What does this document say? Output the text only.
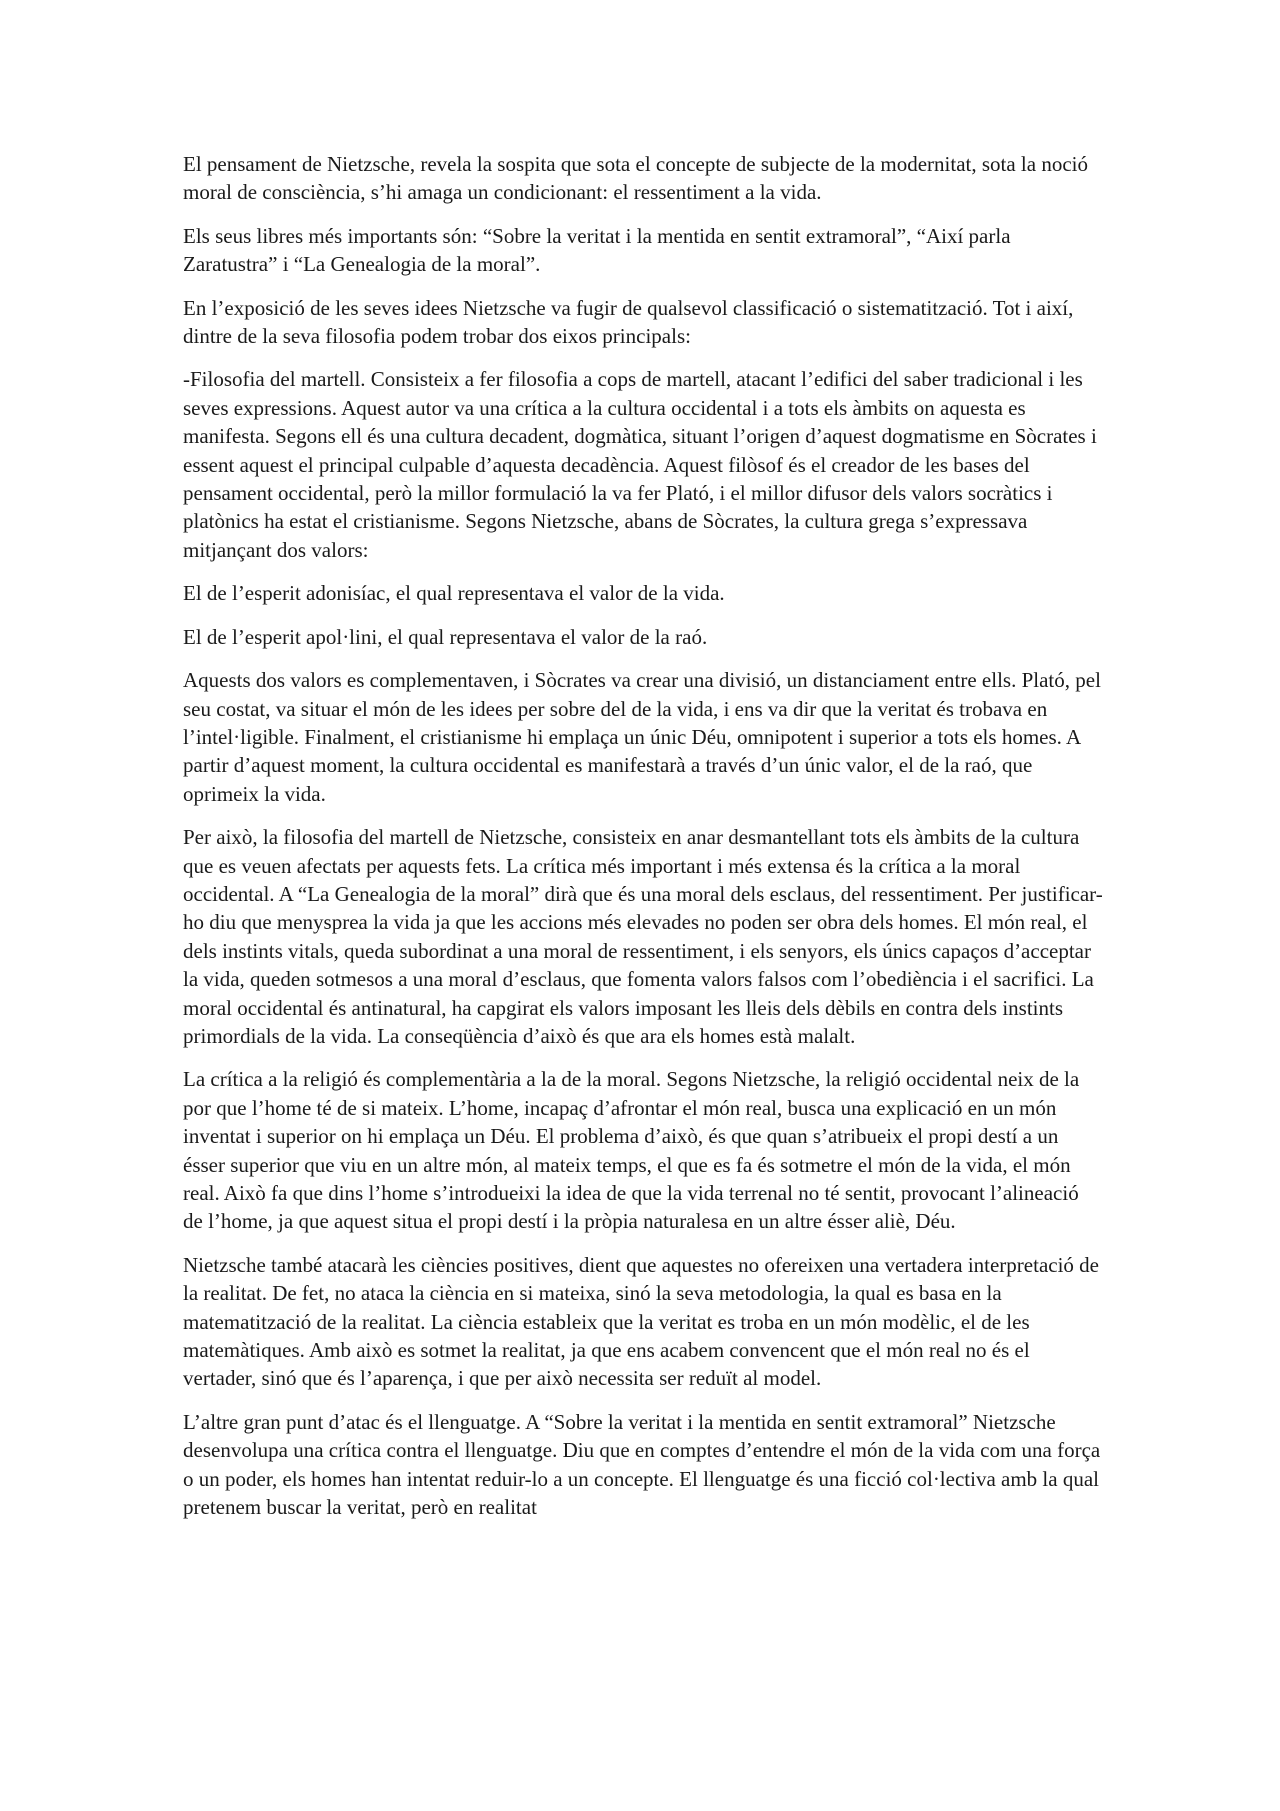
El pensament de Nietzsche, revela la sospita que sota el concepte de subjecte de la modernitat, sota la noció moral de consciència, s’hi amaga un condicionant: el ressentiment a la vida.

Els seus libres més importants són: “Sobre la veritat i la mentida en sentit extramoral”, “Així parla Zaratustra” i “La Genealogia de la moral”.

En l’exposició de les seves idees Nietzsche va fugir de qualsevol classificació o sistematització. Tot i així, dintre de la seva filosofia podem trobar dos eixos principals:

-Filosofia del martell. Consisteix a fer filosofia a cops de martell, atacant l’edifici del saber tradicional i les seves expressions. Aquest autor va una crítica a la cultura occidental i a tots els àmbits on aquesta es manifesta. Segons ell és una cultura decadent, dogmàtica, situant l’origen d’aquest dogmatisme en Sòcrates i essent aquest el principal culpable d’aquesta decadència. Aquest filòsof és el creador de les bases del pensament occidental, però la millor formulació la va fer Plató, i el millor difusor dels valors socràtics i platònics ha estat el cristianisme. Segons Nietzsche, abans de Sòcrates, la cultura grega s’expressava mitjançant dos valors:

El de l’esperit adonisíac, el qual representava el valor de la vida.

El de l’esperit apol·lini, el qual representava el valor de la raó.

Aquests dos valors es complementaven, i Sòcrates va crear una divisió, un distanciament entre ells. Plató, pel seu costat, va situar el món de les idees per sobre del de la vida, i ens va dir que la veritat és trobava en l’intel·ligible. Finalment, el cristianisme hi emplaça un únic Déu, omnipotent i superior a tots els homes. A partir d’aquest moment, la cultura occidental es manifestarà a través d’un únic valor, el de la raó, que oprimeix la vida.

Per això, la filosofia del martell de Nietzsche, consisteix en anar desmantellant tots els àmbits de la cultura que es veuen afectats per aquests fets. La crítica més important i més extensa és la crítica a la moral occidental. A “La Genealogia de la moral” dirà que és una moral dels esclaus, del ressentiment. Per justificar-ho diu que menysprea la vida ja que les accions més elevades no poden ser obra dels homes. El món real, el dels instints vitals, queda subordinat a una moral de ressentiment, i els senyors, els únics capaços d’acceptar la vida, queden sotmesos a una moral d’esclaus, que fomenta valors falsos com l’obediència i el sacrifici. La moral occidental és antinatural, ha capgirat els valors imposant les lleis dels dèbils en contra dels instints primordials de la vida. La conseqüència d’això és que ara els homes està malalt.

La crítica a la religió és complementària a la de la moral. Segons Nietzsche, la religió occidental neix de la por que l’home té de si mateix. L’home, incapaç d’afrontar el món real, busca una explicació en un món inventat i superior on hi emplaça un Déu. El problema d’això, és que quan s’atribueix el propi destí a un ésser superior que viu en un altre món, al mateix temps, el que es fa és sotmetre el món de la vida, el món real. Això fa que dins l’home s’introdueixi la idea de que la vida terrenal no té sentit, provocant l’alineació de l’home, ja que aquest situa el propi destí i la pròpia naturalesa en un altre ésser aliè, Déu.

Nietzsche també atacarà les ciències positives, dient que aquestes no ofereixen una vertadera interpretació de la realitat. De fet, no ataca la ciència en si mateixa, sinó la seva metodologia, la qual es basa en la matematització de la realitat. La ciència estableix que la veritat es troba en un món modèlic, el de les matemàtiques. Amb això es sotmet la realitat, ja que ens acabem convencent que el món real no és el vertader, sinó que és l’aparença, i que per això necessita ser reduït al model.

L’altre gran punt d’atac és el llenguatge. A “Sobre la veritat i la mentida en sentit extramoral” Nietzsche desenvolupa una crítica contra el llenguatge. Diu que en comptes d’entendre el món de la vida com una força o un poder, els homes han intentat reduir-lo a un concepte. El llenguatge és una ficció col·lectiva amb la qual pretenem buscar la veritat, però en realitat
